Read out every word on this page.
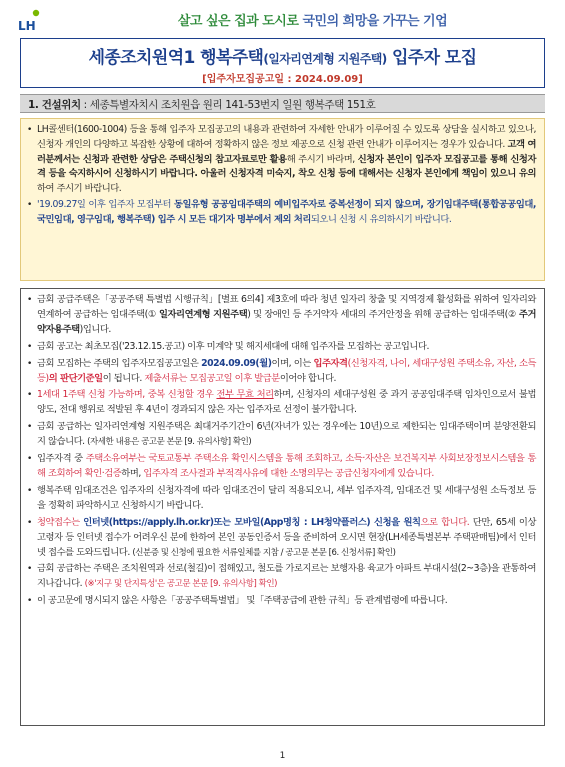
LH	살고 싶은 집과 도시로 국민의 희망을 가꾸는 기업
세종조치원역1 행복주택(일자리연계형 지원주택) 입주자 모집
[입주자모집공고일 : 2024.09.09]
1. 건설위치 : 세종특별자치시 조치원읍 원리 141-53번지 일원 행복주택 151호
• LH콜센터(1600-1004) 등을 통해 입주자 모집공고의 내용과 관련하여 자세한 안내가 이루어질 수 있도록 상담을 실시하고 있으나, 신청자 개인의 다양하고 복잡한 상황에 대하여 정확하지 않은 정보 제공으로 신청 관련 안내가 이루어지는 경우가 있습니다. 고객 여러분께서는 신청과 관련한 상담은 주택신청의 참고자료로만 활용해 주시기 바라며, 신청자 본인이 입주자 모집공고를 통해 신청자격 등을 숙지하시어 신청하시기 바랍니다. 아울러 신청자격 미숙지, 착오 신청 등에 대해서는 신청자 본인에게 책임이 있으니 유의하여 주시기 바랍니다.
• '19.09.27일 이후 입주자 모집부터 동일유형 공공임대주택의 예비입주자로 중복선정이 되지 않으며, 장기임대주택(통합공공임대, 국민임대, 영구임대, 행복주택) 입주 시 모든 대기자 명부에서 제외 처리되오니 신청 시 유의하시기 바랍니다.
• 금회 공급주택은「공공주택 특별법 시행규칙」[별표 6의4] 제3호에 따라 청년 일자리 창출 및 지역경제 활성화를 위하여 일자리와 연계하여 공급하는 임대주택(① 일자리연계형 지원주택) 및 장애인 등 주거약자 세대의 주거안정을 위해 공급하는 임대주택(② 주거약자용주택)입니다.
• 금회 공고는 최초모집('23.12.15.공고) 이후 미계약 및 해지세대에 대해 입주자를 모집하는 공고입니다.
• 금회 모집하는 주택의 입주자모집공고일은 2024.09.09(월)이며, 이는 입주자격(신청자격, 나이, 세대구성원 주택소유, 자산, 소득 등)의 판단기준일이 됩니다. 제출서류는 모집공고일 이후 발급분이어야 합니다.
• 1세대 1주택 신청 가능하며, 중복 신청할 경우 전부 무효 처리하며, 신청자의 세대구성원 중 과거 공공임대주택 임차인으로서 불법양도, 전대 행위로 적발된 후 4년이 경과되지 않은 자는 입주자로 선정이 불가합니다.
• 금회 공급하는 일자리연계형 지원주택은 최대거주기간이 6년(자녀가 있는 경우에는 10년)으로 제한되는 임대주택이며 분양전환되지 않습니다. (자세한 내용은 공고문 본문 [9. 유의사항] 확인)
• 입주자격 중 주택소유여부는 국토교통부 주택소유 확인시스템을 통해 조회하고, 소득·자산은 보건복지부 사회보장정보시스템을 통해 조회하여 확인·검증하며, 입주자격 조사결과 부적격사유에 대한 소명의무는 공급신청자에게 있습니다.
• 행복주택 임대조건은 입주자의 신청자격에 따라 임대조건이 달리 적용되오니, 세부 입주자격, 임대조건 및 세대구성원 소득정보 등을 정확히 파악하시고 신청하시기 바랍니다.
• 청약접수는 인터넷(https://apply.lh.or.kr)또는 모바일(App명칭 : LH청약플러스) 신청을 원칙으로 합니다. 단만, 65세 이상 고령자 등 인터넷 접수가 어려우신 분에 한하여 본인 공동인증서 등을 준비하여 오시면 현장(LH세종특별본부 주택판매팀)에서 인터넷 접수를 도와드립니다. (신분증 및 신청에 필요한 서류일체를 지참 / 공고문 본문 [6. 신청서류] 확인)
• 금회 공급하는 주택은 조치원역과 선로(철길)이 접해있고, 철도를 가로지르는 보행자용 육교가 아파트 부대시설(2~3층)을 관통하여 지나갑니다. (※'지구 및 단지특성'은 공고문 본문 [9. 유의사항] 확인)
• 이 공고문에 명시되지 않은 사항은「공공주택특별법」 및「주택공급에 관한 규칙」등 관계법령에 따릅니다.
1
